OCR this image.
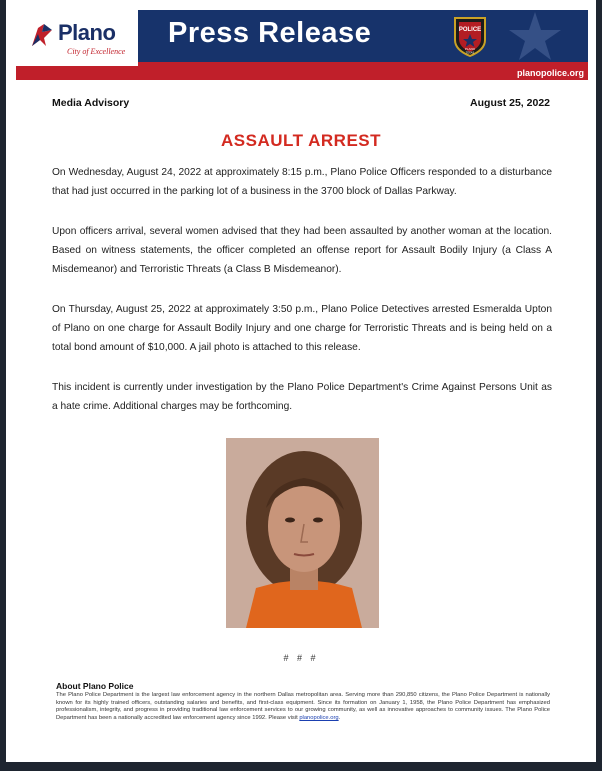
Plano
City of Excellence
Press Release	POLICE
PLANO
TEXAS
planopolice.org
Media Advisory	August 25, 2022
ASSAULT ARREST

On Wednesday, August 24, 2022 at approximately 8:15 p.m., Plano Police Officers responded to a disturbance that had just occurred in the parking lot of a business in the 3700 block of Dallas Parkway.

Upon officers arrival, several women advised that they had been assaulted by another woman at the location. Based on witness statements, the officer completed an offense report for Assault Bodily Injury (a Class A Misdemeanor) and Terroristic Threats (a Class B Misdemeanor).

On Thursday, August 25, 2022 at approximately 3:50 p.m., Plano Police Detectives arrested Esmeralda Upton of Plano on one charge for Assault Bodily Injury and one charge for Terroristic Threats and is being held on a total bond amount of $10,000. A jail photo is attached to this release.

This incident is currently under investigation by the Plano Police Department's Crime Against Persons Unit as a hate crime. Additional charges may be forthcoming.

# # #
About Plano Police

The Plano Police Department is the largest law enforcement agency in the northern Dallas metropolitan area. Serving more than 290,850 citizens, the Plano Police Department is nationally known for its highly trained officers, outstanding salaries and benefits, and first-class equipment. Since its formation on January 1, 1958, the Plano Police Department has emphasized professionalism, integrity, and progress in providing traditional law enforcement services to our growing community, as well as innovative approaches to community issues. The Plano Police Department has been a nationally accredited law enforcement agency since 1992. Please visit planopolice.org.
